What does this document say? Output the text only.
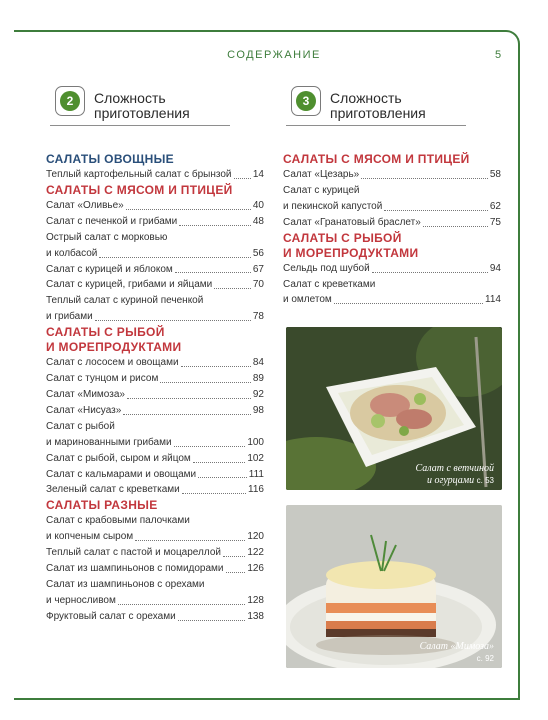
СОДЕРЖАНИЕ	5
2	Сложность
приготовления
3	Сложность
приготовления
САЛАТЫ ОВОЩНЫЕ
Теплый картофельный салат с брынзой 14
САЛАТЫ С МЯСОМ И ПТИЦЕЙ
Салат «Оливье»	40
Салат с печенкой и грибами	48
Острый салат с морковью
и колбасой	56
Салат с курицей и яблоком	67
Салат с курицей, грибами и яйцами	70
Теплый салат с куриной печенкой
и грибами	78
САЛАТЫ С РЫБОЙ
И МОРЕПРОДУКТАМИ
Салат с лососем и овощами	84
Салат с тунцом и рисом	89
Салат «Мимоза»	92
Салат «Нисуаз»	98
Салат с рыбой
и маринованными грибами	100
Салат с рыбой, сыром и яйцом	102
Салат с кальмарами и овощами	111
Зеленый салат с креветками	116
САЛАТЫ РАЗНЫЕ
Салат с крабовыми палочками
и копченым сыром	120
Теплый салат с пастой и моцареллой	122
Салат из шампиньонов с помидорами 126
Салат из шампиньонов с орехами
и черносливом	128
Фруктовый салат с орехами	138
САЛАТЫ С МЯСОМ И ПТИЦЕЙ
Салат «Цезарь»	58
Салат с курицей
и пекинской капустой	62
Салат «Гранатовый браслет»	75
САЛАТЫ С РЫБОЙ
И МОРЕПРОДУКТАМИ
Сельдь под шубой	94
Салат с креветками
и омлетом	114
Салат с ветчиной
и огурцами с. 53
Салат «Мимоза»
с. 92
